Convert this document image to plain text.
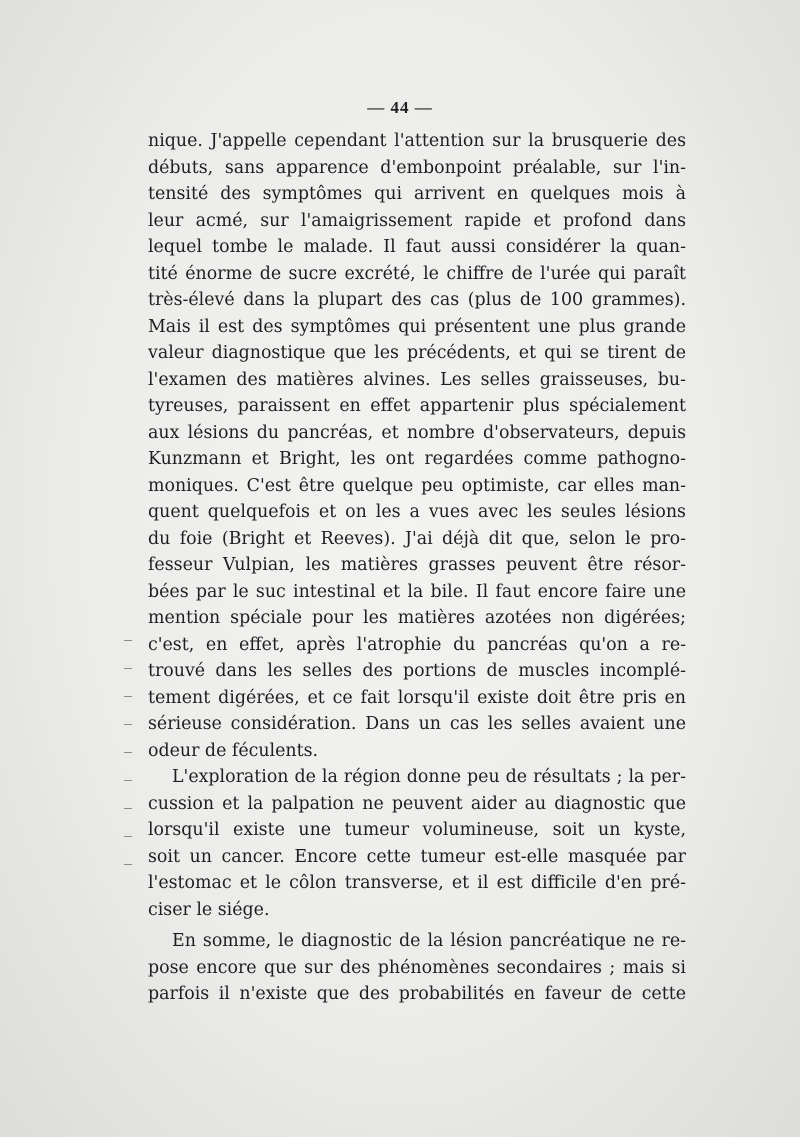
— 44 —
nique. J'appelle cependant l'attention sur la brusquerie des
débuts, sans apparence d'embonpoint préalable, sur l'in-
tensité des symptômes qui arrivent en quelques mois à
leur acmé, sur l'amaigrissement rapide et profond dans
lequel tombe le malade. Il faut aussi considérer la quan-
tité énorme de sucre excrété, le chiffre de l'urée qui paraît
très-élevé dans la plupart des cas (plus de 100 grammes).
Mais il est des symptômes qui présentent une plus grande
valeur diagnostique que les précédents, et qui se tirent de
l'examen des matières alvines. Les selles graisseuses, bu-
tyreuses, paraissent en effet appartenir plus spécialement
aux lésions du pancréas, et nombre d'observateurs, depuis
Kunzmann et Bright, les ont regardées comme pathogno-
moniques. C'est être quelque peu optimiste, car elles man-
quent quelquefois et on les a vues avec les seules lésions
du foie (Bright et Reeves). J'ai déjà dit que, selon le pro-
fesseur Vulpian, les matières grasses peuvent être résor-
bées par le suc intestinal et la bile. Il faut encore faire une
mention spéciale pour les matières azotées non digérées;
c'est, en effet, après l'atrophie du pancréas qu'on a re-
trouvé dans les selles des portions de muscles incomplé-
tement digérées, et ce fait lorsqu'il existe doit être pris en
sérieuse considération. Dans un cas les selles avaient une
odeur de féculents.
L'exploration de la région donne peu de résultats ; la per-
cussion et la palpation ne peuvent aider au diagnostic que
lorsqu'il existe une tumeur volumineuse, soit un kyste,
soit un cancer. Encore cette tumeur est-elle masquée par
l'estomac et le côlon transverse, et il est difficile d'en pré-
ciser le siége.
En somme, le diagnostic de la lésion pancréatique ne re-
pose encore que sur des phénomènes secondaires ; mais si
parfois il n'existe que des probabilités en faveur de cette
